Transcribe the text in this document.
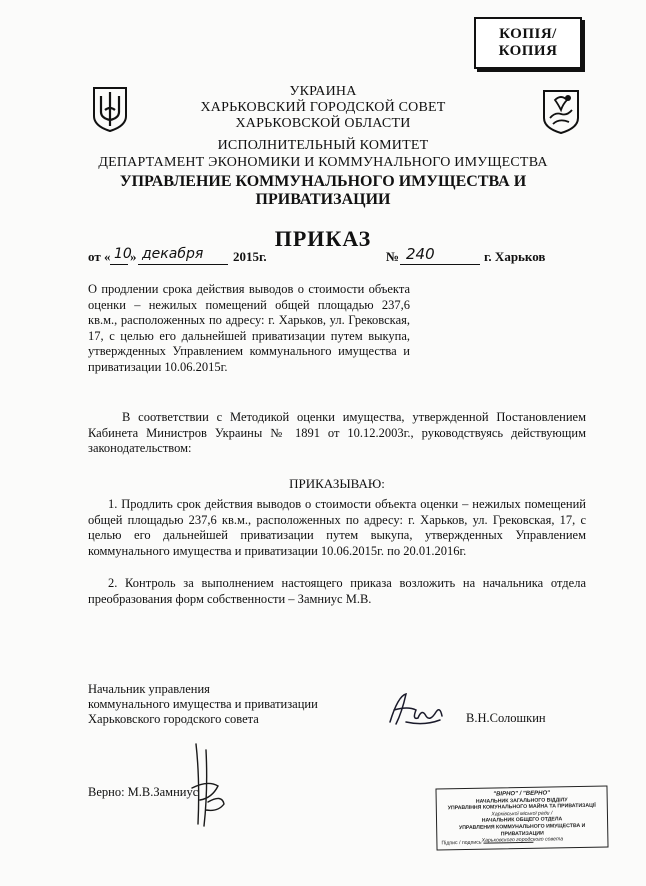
КОПІЯ/
КОПИЯ
УКРАИНА
ХАРЬКОВСКИЙ ГОРОДСКОЙ СОВЕТ
ХАРЬКОВСКОЙ ОБЛАСТИ
ИСПОЛНИТЕЛЬНЫЙ КОМИТЕТ
ДЕПАРТАМЕНТ ЭКОНОМИКИ И КОММУНАЛЬНОГО ИМУЩЕСТВА
УПРАВЛЕНИЕ КОММУНАЛЬНОГО ИМУЩЕСТВА И
ПРИВАТИЗАЦИИ
ПРИКАЗ
от « 10
» декабря 2015г.	№ 240	г. Харьков
О продлении срока действия выводов о стоимости объекта оценки – нежилых помещений общей площадью 237,6 кв.м., расположенных по адресу: г. Харьков, ул. Грековская, 17, с целью его дальнейшей приватизации путем выкупа, утвержденных Управлением коммунального имущества и приватизации 10.06.2015г.
В соответствии с Методикой оценки имущества, утвержденной Постановлением Кабинета Министров Украины № 1891 от 10.12.2003г., руководствуясь действующим законодательством:
ПРИКАЗЫВАЮ:
1. Продлить срок действия выводов о стоимости объекта оценки – нежилых помещений общей площадью 237,6 кв.м., расположенных по адресу: г. Харьков, ул. Грековская, 17, с целью его дальнейшей приватизации путем выкупа, утвержденных Управлением коммунального имущества и приватизации 10.06.2015г. по 20.01.2016г.
2. Контроль за выполнением настоящего приказа возложить на начальника отдела преобразования форм собственности – Замниус М.В.
Начальник управления
коммунального имущества и приватизации
Харьковского городского совета	В.Н.Солошкин
Верно: М.В.Замниус	"ВІРНО" / "ВЕРНО"
НАЧАЛЬНИК ЗАГАЛЬНОГО ВІДДІЛУ
УПРАВЛІННЯ КОМУНАЛЬНОГО МАЙНА ТА ПРИВАТИЗАЦІЇ
Харківської міської ради /
НАЧАЛЬНИК ОБЩЕГО ОТДЕЛА
УПРАВЛЕНИЯ КОММУНАЛЬНОГО ИМУЩЕСТВА И ПРИВАТИЗАЦИИ
Харьковского городского совета
Підпис / подпись
